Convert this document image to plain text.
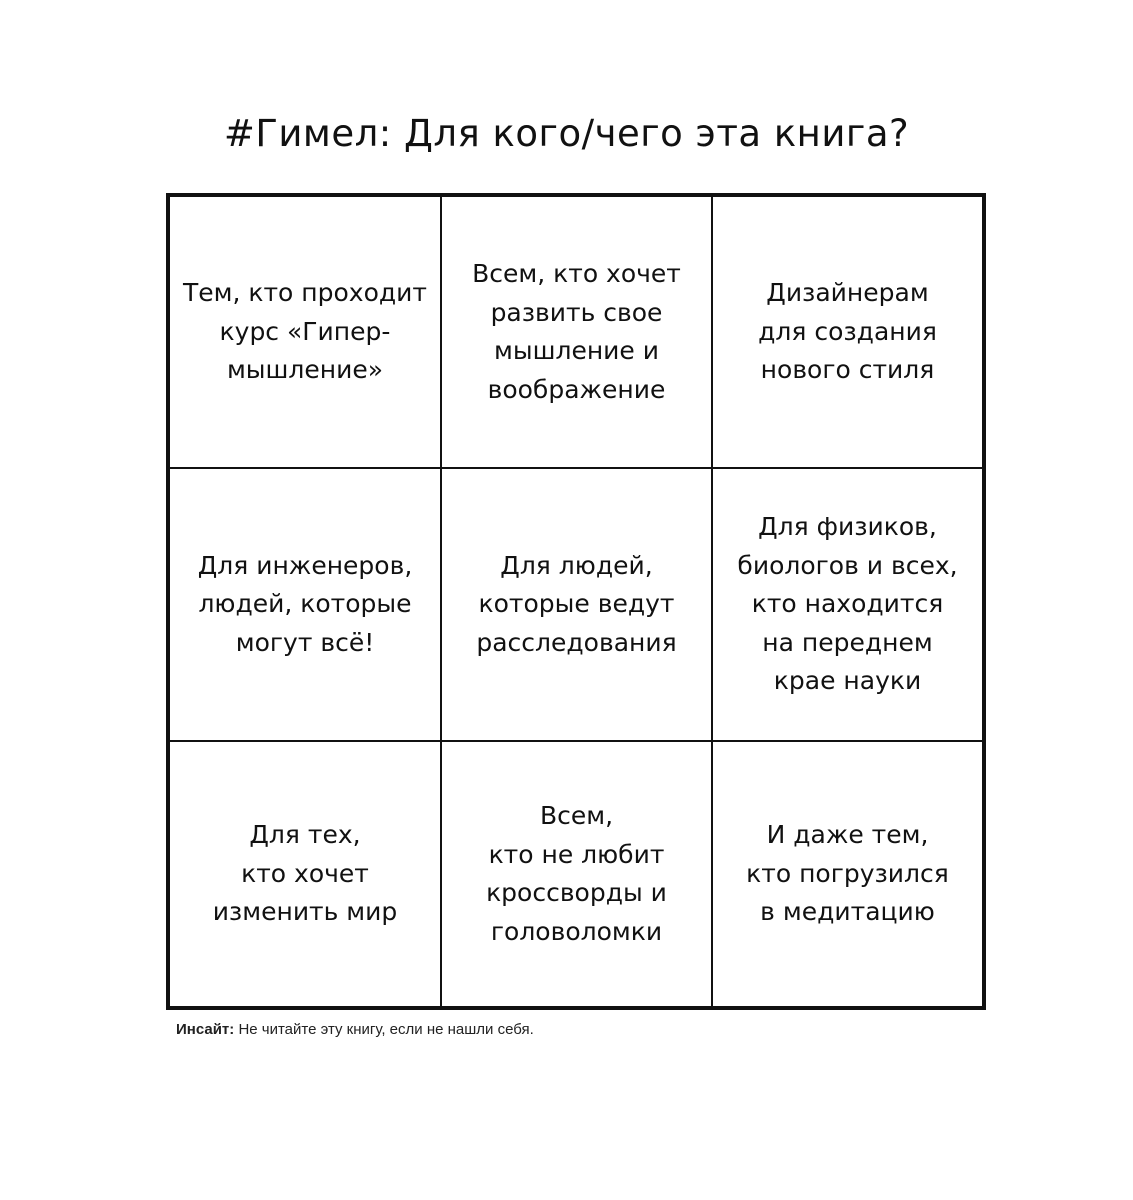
#Гимел: Для кого/чего эта книга?
Тем, кто проходит
курс «Гипер-
мышление»
Всем, кто хочет
развить свое
мышление и
воображение
Дизайнерам
для создания
нового стиля
Для инженеров,
людей, которые
могут всё!
Для людей,
которые ведут
расследования
Для физиков,
биологов и всех,
кто находится
на переднем
крае науки
Для тех,
кто хочет
изменить мир
Всем,
кто не любит
кроссворды и
головоломки
И даже тем,
кто погрузился
в медитацию
Инсайт: Не читайте эту книгу, если не нашли себя.
